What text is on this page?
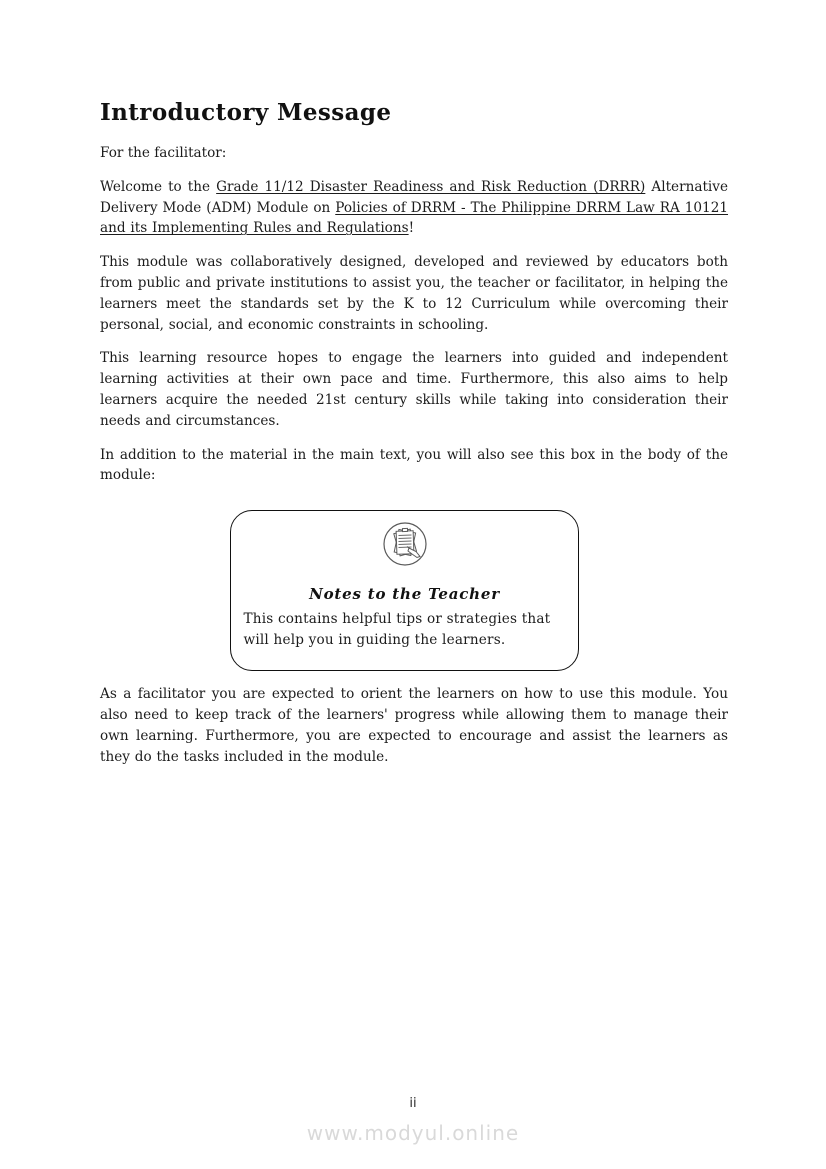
Introductory Message
For the facilitator:

Welcome to the Grade 11/12 Disaster Readiness and Risk Reduction (DRRR) Alternative Delivery Mode (ADM) Module on Policies of DRRM - The Philippine DRRM Law RA 10121 and its Implementing Rules and Regulations!

This module was collaboratively designed, developed and reviewed by educators both from public and private institutions to assist you, the teacher or facilitator, in helping the learners meet the standards set by the K to 12 Curriculum while overcoming their personal, social, and economic constraints in schooling.

This learning resource hopes to engage the learners into guided and independent learning activities at their own pace and time. Furthermore, this also aims to help learners acquire the needed 21st century skills while taking into consideration their needs and circumstances.

In addition to the material in the main text, you will also see this box in the body of the module:

Notes to the Teacher
This contains helpful tips or strategies that will help you in guiding the learners.

As a facilitator you are expected to orient the learners on how to use this module. You also need to keep track of the learners' progress while allowing them to manage their own learning. Furthermore, you are expected to encourage and assist the learners as they do the tasks included in the module.

ii
www.modyul.online
